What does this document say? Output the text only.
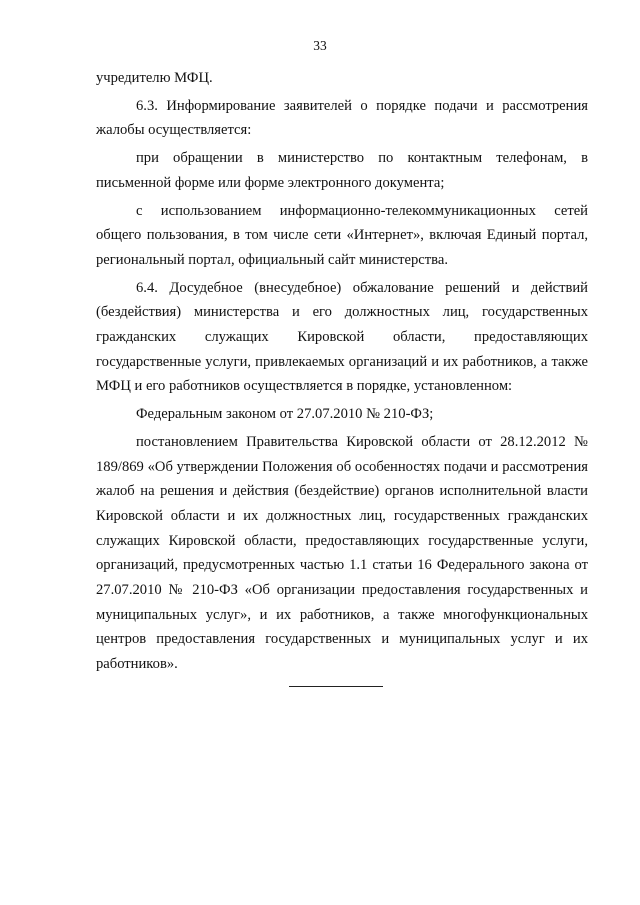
33

учредителю МФЦ.

6.3. Информирование заявителей о порядке подачи и рассмотрения жалобы осуществляется:

при обращении в министерство по контактным телефонам, в письменной форме или форме электронного документа;

с использованием информационно-телекоммуникационных сетей общего пользования, в том числе сети «Интернет», включая Единый портал, региональный портал, официальный сайт министерства.

6.4. Досудебное (внесудебное) обжалование решений и действий (бездействия) министерства и его должностных лиц, государственных гражданских служащих Кировской области, предоставляющих государственные услуги, привлекаемых организаций и их работников, а также МФЦ и его работников осуществляется в порядке, установленном:

Федеральным законом от 27.07.2010 № 210-ФЗ;

постановлением Правительства Кировской области от 28.12.2012 № 189/869 «Об утверждении Положения об особенностях подачи и рассмотрения жалоб на решения и действия (бездействие) органов исполнительной власти Кировской области и их должностных лиц, государственных гражданских служащих Кировской области, предоставляющих государственные услуги, организаций, предусмотренных частью 1.1 статьи 16 Федерального закона от 27.07.2010 № 210-ФЗ «Об организации предоставления государственных и муниципальных услуг», и их работников, а также многофункциональных центров предоставления государственных и муниципальных услуг и их работников».
